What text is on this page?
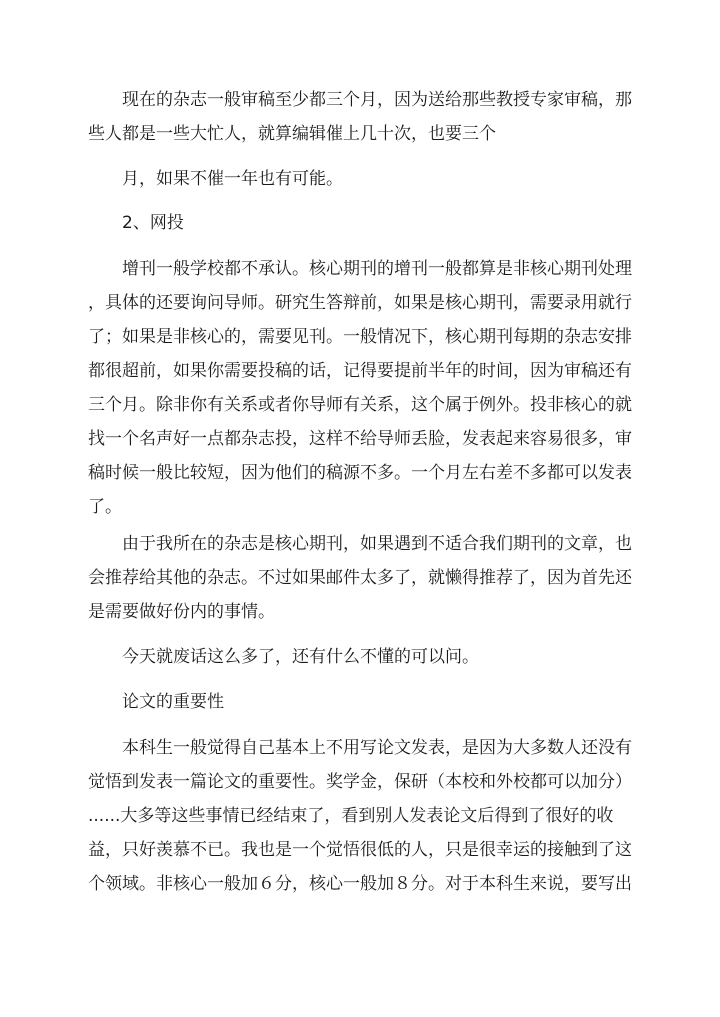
　　现在的杂志一般审稿至少都三个月，因为送给那些教授专家审稿，那
些人都是一些大忙人，就算编辑催上几十次，也要三个

　　月，如果不催一年也有可能。

　　2、网投

　　增刊一般学校都不承认。核心期刊的增刊一般都算是非核心期刊处理
，具体的还要询问导师。研究生答辩前，如果是核心期刊，需要录用就行
了；如果是非核心的，需要见刊。一般情况下，核心期刊每期的杂志安排
都很超前，如果你需要投稿的话，记得要提前半年的时间，因为审稿还有
三个月。除非你有关系或者你导师有关系，这个属于例外。投非核心的就
找一个名声好一点都杂志投，这样不给导师丢脸，发表起来容易很多，审
稿时候一般比较短，因为他们的稿源不多。一个月左右差不多都可以发表
了。

　　由于我所在的杂志是核心期刊，如果遇到不适合我们期刊的文章，也
会推荐给其他的杂志。不过如果邮件太多了，就懒得推荐了，因为首先还
是需要做好份内的事情。

　　今天就废话这么多了，还有什么不懂的可以问。

　　论文的重要性

　　本科生一般觉得自己基本上不用写论文发表，是因为大多数人还没有
觉悟到发表一篇论文的重要性。奖学金，保研（本校和外校都可以加分）
......大多等这些事情已经结束了，看到别人发表论文后得到了很好的收
益，只好羡慕不已。我也是一个觉悟很低的人，只是很幸运的接触到了这
个领域。非核心一般加６分，核心一般加８分。对于本科生来说，要写出
